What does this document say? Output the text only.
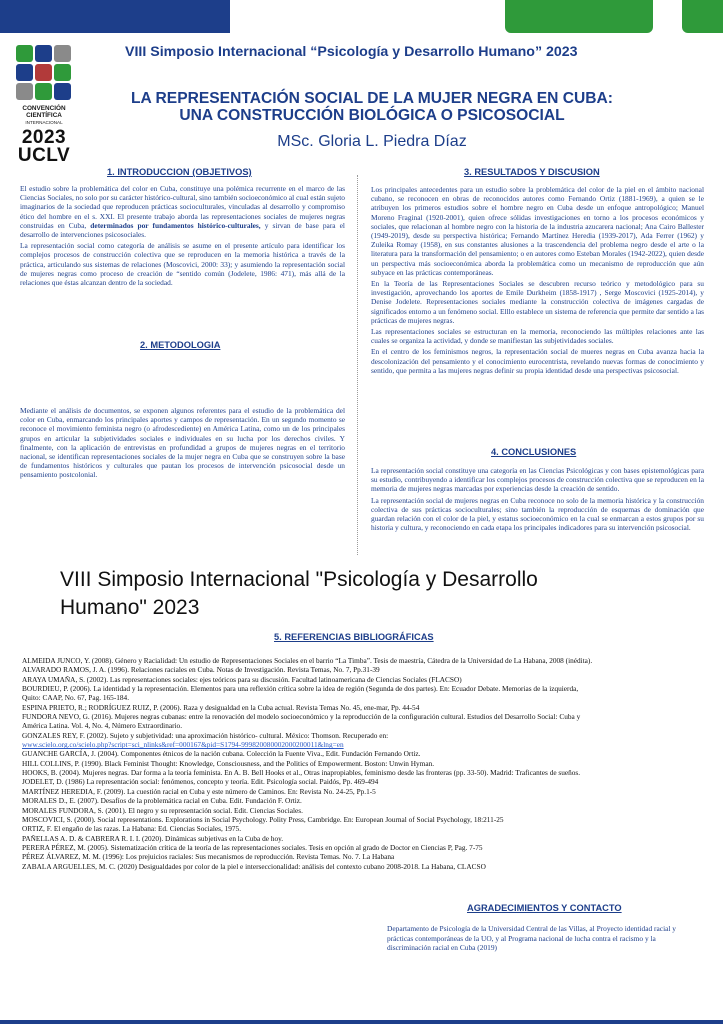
CONVENCIÓN
CIENTÍFICA
INTERNACIONAL
2023
UCLV
VIII Simposio Internacional “Psicología y Desarrollo Humano” 2023
LA REPRESENTACIÓN SOCIAL DE LA MUJER NEGRA EN CUBA:
UNA CONSTRUCCIÓN BIOLÓGICA O PSICOSOCIAL
MSc. Gloria L. Piedra Díaz
1. INTRODUCCION (OBJETIVOS)

El estudio sobre la problemática del color en Cuba, constituye una polémica recurrente en el marco de las Ciencias Sociales, no solo por su carácter histórico-cultural, sino también socioeconómico al cual están sujeto imaginarios de la sociedad que reproducen prácticas socioculturales, vinculadas al desarrollo y compromiso ético del hombre en el s. XXI. El presente trabajo aborda las representaciones sociales de mujeres negras construidas en Cuba, determinados por fundamentos histórico-culturales, y sirvan de base para el desarrollo de intervenciones psicosociales.

La representación social como categoría de análisis se asume en el presente artículo para identificar los complejos procesos de construcción colectiva que se reproducen en la memoria histórica a través de la práctica, articulando sus sistemas de relaciones (Moscovici, 2000: 33); y asumiendo la representación social de mujeres negras como proceso de creación de “sentido común (Jodelete, 1986: 471), más allá de la relaciones que éstas alcanzan dentro de la sociedad.

2. METODOLOGIA

Mediante el análisis de documentos, se exponen algunos referentes para el estudio de la problemática del color en Cuba, enmarcando los principales aportes y campos de representación. En un segundo momento se reconoce el movimiento feminista negro (o afrodescediente) en América Latina, como un de los principales grupos en articular la subjetividades sociales e individuales en su lucha por los derechos civiles. Y finalmente, con la aplicación de entrevistas en profundidad a grupos de mujeres negras en el territorio nacional, se identifican representaciones sociales de la mujer negra en Cuba que se construyen sobre la base de fundamentos históricos y culturales que pautan los procesos de intervención psicosocial desde un pensamiento postcolonial.

3. RESULTADOS Y DISCUSION

Los principales antecedentes para un estudio sobre la problemática del color de la piel en el ámbito nacional cubano, se reconocen en obras de reconocidos autores como Fernando Ortiz (1881-1969), a quien se le atribuyen los primeros estudios sobre el hombre negro en Cuba desde un enfoque antropológico; Manuel Moreno Fraginal (1920-2001), quien ofrece sólidas investigaciones en torno a los procesos económicos y sociales, que relacionan al hombre negro con la historia de la industria azucarera nacional; Ana Cairo Ballester (1949-2019), desde su perspectiva histórica; Fernando Martínez Heredia (1939-2017), Ada Ferrer (1962) y Zuleika Romay (1958), en sus constantes alusiones a la trascendencia del problema negro desde el arte o la literatura para la transformación del pensamiento; o en autores como Esteban Morales (1942-2022), quien desde un perspectiva más socioeconómica aborda la problemática como un mecanismo de reproducción que aún subyace en las prácticas contemporáneas.

En la Teoría de las Representaciones Sociales se descubren recurso teórico y metodológico para su investigación, aprovechando los aportes de Emile Durkheim (1858-1917) , Serge Moscovici (1925-2014), y Denise Jodelete. Representaciones sociales mediante la construcción colectiva de imágenes cargadas de significados entorno a un fenómeno social. Elllo establece un sistema de referencia que permite dar sentido a las prácticas de mujeres negras.

Las representaciones sociales se estructuran en la memoria, reconociendo las múltiples relaciones ante las cuales se organiza la actividad, y donde se manifiestan las subjetividades sociales.

En el centro de los feminismos negros, la representación social de mueres negras en Cuba avanza hacia la descolonización del pensamiento y el conocimiento eurocentrista, revelando nuevas formas de conocimiento y sentido, que permita a las mujeres negras definir su propia identidad desde una perspectivas psicosocial.

4. CONCLUSIONES

La representación social constituye una categoría en las Ciencias Psicológicas y con bases epistemológicas para su estudio, contribuyendo a identificar los complejos procesos de construcción colectiva que se reproducen en la memoria de mujeres negras marcadas por experiencias desde la creación de sentido.

La representación social de mujeres negras en Cuba reconoce no solo de la memoria histórica y la construcción colectiva de sus prácticas socioculturales; sino también la reproducción de esquemas de dominación que guardan relación con el color de la piel, y estatus socioeconómico en la cual se enmarcan a estos grupos por su historia y cultura, y reconociendo en cada etapa los principales indicadores para su intervención psicosocial.

VIII Simposio Internacional "Psicología y Desarrollo
Humano" 2023
5. REFERENCIAS BIBLIOGRÁFICAS
ALMEIDA JUNCO, Y. (2008). Género y Racialidad: Un estudio de Representaciones Sociales en el barrio “La Timba”. Tesis de maestría, Cátedra de la Universidad de La Habana, 2008 (inédita).
ALVARADO RAMOS, J. A. (1996). Relaciones raciales en Cuba. Notas de Investigación. Revista Temas, No. 7, Pp.31-39
ARAYA UMAÑA, S. (2002). Las representaciones sociales: ejes teóricos para su discusión. Facultad latinoamericana de Ciencias Sociales (FLACSO)
BOURDIEU, P. (2006). La identidad y la representación. Elementos para una reflexión crítica sobre la idea de región (Segunda de dos partes). En: Ecuador Debate. Memorias de la izquierda,
Quito: CAAP, No. 67, Pag. 165-184.
ESPINA PRIETO, R.; RODRÍGUEZ RUIZ, P. (2006). Raza y desigualdad en la Cuba actual. Revista Temas No. 45, ene-mar, Pp. 44-54
FUNDORA NEVO, G. (2016). Mujeres negras cubanas: entre la renovación del modelo socioeconómico y la reproducción de la configuración cultural. Estudios del Desarrollo Social: Cuba y
América Latina. Vol. 4, No. 4, Número Extraordinario.
GONZALES REY, F. (2002). Sujeto y subjetividad: una aproximación histórico- cultural. México: Thomson. Recuperado en:
www.scielo.org.co/scielo.php?script=sci_nlinks&ref=000167&pid=S1794-999820080002000200011&lng=en
GUANCHE GARCÍA, J. (2004). Componentes étnicos de la nación cubana. Colección la Fuente Viva., Edit. Fundación Fernando Ortiz.
HILL COLLINS, P. (1990). Black Feminist Thought: Knowledge, Consciousness, and the Politics of Empowerment. Boston: Unwin Hyman.
HOOKS, B. (2004). Mujeres negras. Dar forma a la teoría feminista. En A. B. Bell Hooks et al., Otras inapropiables, feminismo desde las fronteras (pp. 33-50). Madrid: Traficantes de sueños.
JODELET, D. (1986) La representación social: fenómenos, concepto y teoría. Edit. Psicología social. Paidós, Pp. 469-494
MARTÍNEZ HEREDIA, F. (2009). La cuestión racial en Cuba y este número de Caminos. En: Revista No. 24-25, Pp.1-5
MORALES D., E. (2007). Desafíos de la problemática racial en Cuba. Edit. Fundación F. Ortiz.
MORALES FUNDORA, S. (2001). El negro y su representación social. Edit. Ciencias Sociales.
MOSCOVICI, S. (2000). Social representations. Explorations in Social Psychology. Polity Press, Cambridge. En: European Journal of Social Psychology, 18:211-25
ORTIZ, F. El engaño de las razas. La Habana: Ed. Ciencias Sociales, 1975.
PAÑELLAS A. D. & CABRERA R. I. I. (2020). Dinámicas subjetivas en la Cuba de hoy.
PERERA PÉREZ, M. (2005). Sistematización crítica de la teoría de las representaciones sociales. Tesis en opción al grado de Doctor en Ciencias P, Pag. 7-75
PÉREZ ÁLVAREZ, M. M. (1996): Los prejuicios raciales: Sus mecanismos de reproducción. Revista Temas. No. 7. La Habana
ZABALA ARGUELLES, M. C. (2020) Desigualdades por color de la piel e interseccionalidad: análisis del contexto cubano 2008-2018. La Habana, CLACSO
AGRADECIMIENTOS Y CONTACTO
Departamento de Psicología de la Universidad Central de las Villas, al Proyecto identidad racial y prácticas contemporáneas de la UO, y al Programa nacional de lucha contra el racismo y la discriminación racial en Cuba (2019)
